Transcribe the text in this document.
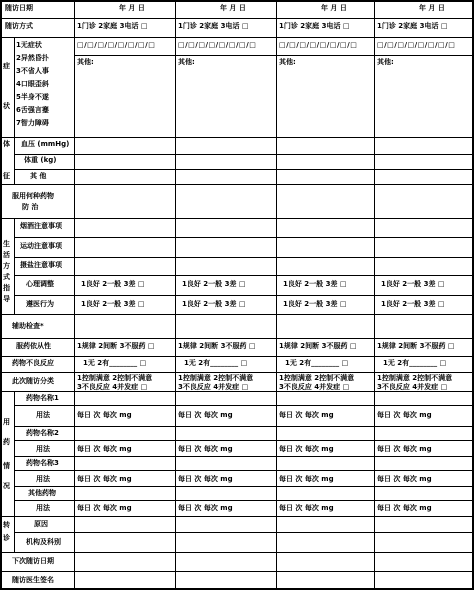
随访日期
随访方式
症
状
1无症状
2异然昏扑
3不省人事
4口眼歪斜
5半身不遂
6舌强言蹇
7智力障碍
体
征
血压 (mmHg)
体重 (kg)
其 他
服用何种药物
防 治
生
活
方
式
指
导
烟酒注意事项
运动注意事项
摄盐注意事项
心理调整
遵医行为
辅助检查*
服药依从性
药物不良反应
此次随访分类
用
药
情
况
药物名称1
用法
药物名称2
用法
药物名称3
用法
其他药物
用法
转
诊
原因
机构及科别
下次随访日期
随访医生签名
年 月 日
1门诊 2家庭 3电话 □
□/□/□/□/□/□/□/□
其他:
1良好 2一般 3差 □
1良好 2一般 3差 □
1规律 2间断 3不服药 □
1无 2有________ □
1控制满意 2控制不满意
3不良反应 4并发症 □
每日 次 每次 mg
每日 次 每次 mg
每日 次 每次 mg
每日 次 每次 mg
年 月 日
1门诊 2家庭 3电话 □
□/□/□/□/□/□/□/□
其他:
1良好 2一般 3差 □
1良好 2一般 3差 □
1规律 2间断 3不服药 □
1无 2有________ □
1控制满意 2控制不满意
3不良反应 4并发症 □
每日 次 每次 mg
每日 次 每次 mg
每日 次 每次 mg
每日 次 每次 mg
年 月 日
1门诊 2家庭 3电话 □
□/□/□/□/□/□/□/□
其他:
1良好 2一般 3差 □
1良好 2一般 3差 □
1规律 2间断 3不服药 □
1无 2有________ □
1控制满意 2控制不满意
3不良反应 4并发症 □
每日 次 每次 mg
每日 次 每次 mg
每日 次 每次 mg
每日 次 每次 mg
年 月 日
1门诊 2家庭 3电话 □
□/□/□/□/□/□/□/□
其他:
1良好 2一般 3差 □
1良好 2一般 3差 □
1规律 2间断 3不服药 □
1无 2有________ □
1控制满意 2控制不满意
3不良反应 4并发症 □
每日 次 每次 mg
每日 次 每次 mg
每日 次 每次 mg
每日 次 每次 mg
